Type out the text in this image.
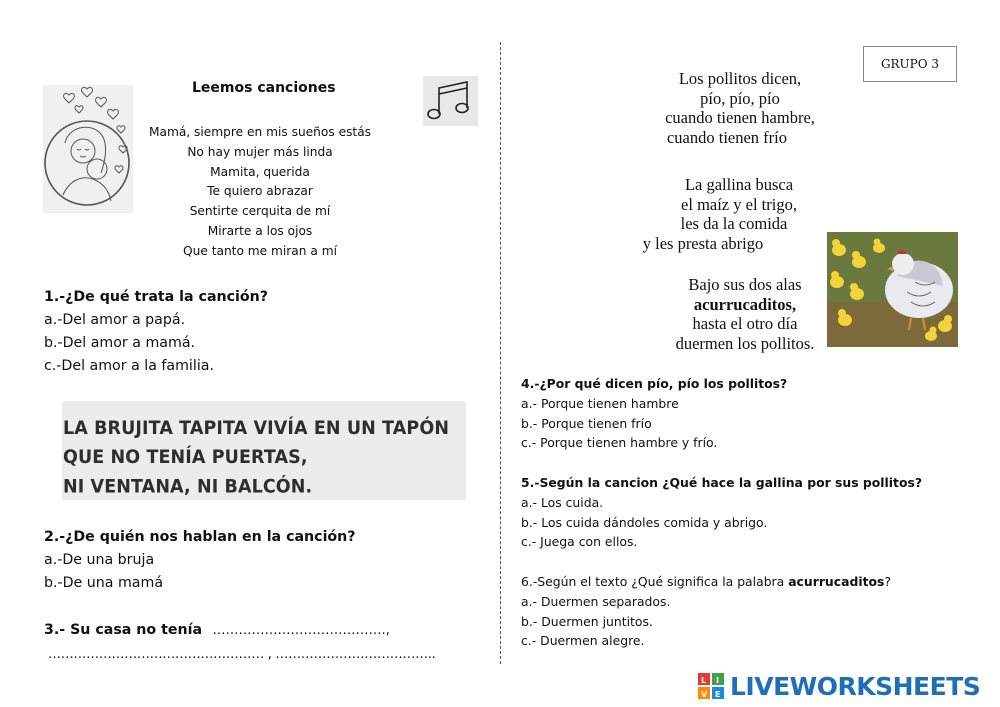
Leemos canciones
Mamá, siempre en mis sueños estás
No hay mujer más linda
Mamita, querida
Te quiero abrazar
Sentirte cerquita de mí
Mirarte a los ojos
Que tanto me miran a mí
1.-¿De qué trata la canción?
a.-Del amor a papá.
b.-Del amor a mamá.
c.-Del amor a la familia.
LA BRUJITA TAPITA VIVÍA EN UN TAPÓN
QUE NO TENÍA PUERTAS,
NI VENTANA, NI BALCÓN.
2.-¿De quién nos hablan en la canción?
a.-De una bruja
b.-De una mamá
3.- Su casa no tenía ………………………………….,
…………………………………………… , ………………………………..
GRUPO 3
Los pollitos dicen,
pío, pío, pío
cuando tienen hambre,
cuando tienen frío
La gallina busca
el maíz y el trigo,
les da la comida
y les presta abrigo
Bajo sus dos alas
acurrucaditos,
hasta el otro día
duermen los pollitos.
4.-¿Por qué dicen pío, pío los pollitos?
a.- Porque tienen hambre
b.- Porque tienen frío
c.- Porque tienen hambre y frío.
5.-Según la cancion ¿Qué hace la gallina por sus pollitos?
a.- Los cuida.
b.- Los cuida dándoles comida y abrigo.
c.- Juega con ellos.
6.-Según el texto ¿Qué significa la palabra acurrucaditos?
a.- Duermen separados.
b.- Duermen juntitos.
c.- Duermen alegre.
L I
V E LIVEWORKSHEETS
